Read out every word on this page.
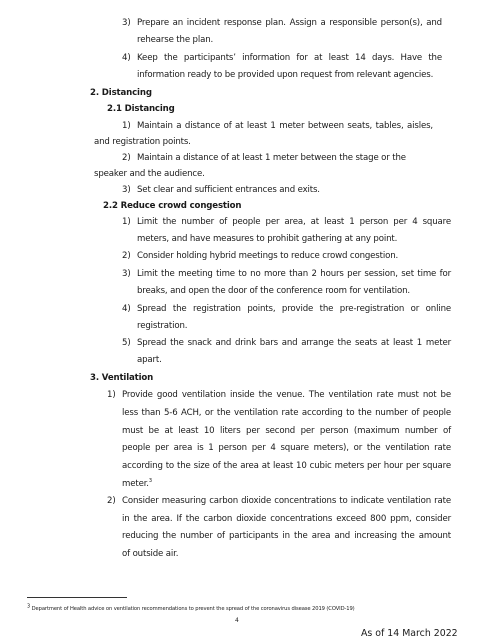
3) Prepare an incident response plan. Assign a responsible person(s), and
rehearse the plan.
4) Keep the participants’ information for at least 14 days. Have the
information ready to be provided upon request from relevant agencies.
2. Distancing
2.1 Distancing
1) Maintain a distance of at least 1 meter between seats, tables, aisles,
and registration points.
2) Maintain a distance of at least 1 meter between the stage or the
speaker and the audience.
3) Set clear and sufficient entrances and exits.
2.2 Reduce crowd congestion
1) Limit the number of people per area, at least 1 person per 4 square
meters, and have measures to prohibit gathering at any point.
2) Consider holding hybrid meetings to reduce crowd congestion.
3) Limit the meeting time to no more than 2 hours per session, set time for
breaks, and open the door of the conference room for ventilation.
4) Spread the registration points, provide the pre-registration or online
registration.
5) Spread the snack and drink bars and arrange the seats at least 1 meter
apart.
3. Ventilation
1) Provide good ventilation inside the venue. The ventilation rate must not be
less than 5-6 ACH, or the ventilation rate according to the number of people
must be at least 10 liters per second per person (maximum number of
people per area is 1 person per 4 square meters), or the ventilation rate
according to the size of the area at least 10 cubic meters per hour per square
meter.$^3$
2) Consider measuring carbon dioxide concentrations to indicate ventilation rate
in the area. If the carbon dioxide concentrations exceed 800 ppm, consider
reducing the number of participants in the area and increasing the amount
of outside air.
3 Department of Health advice on ventilation recommendations to prevent the spread of the coronavirus disease 2019 (COVID-19)
4
As of 14 March 2022
